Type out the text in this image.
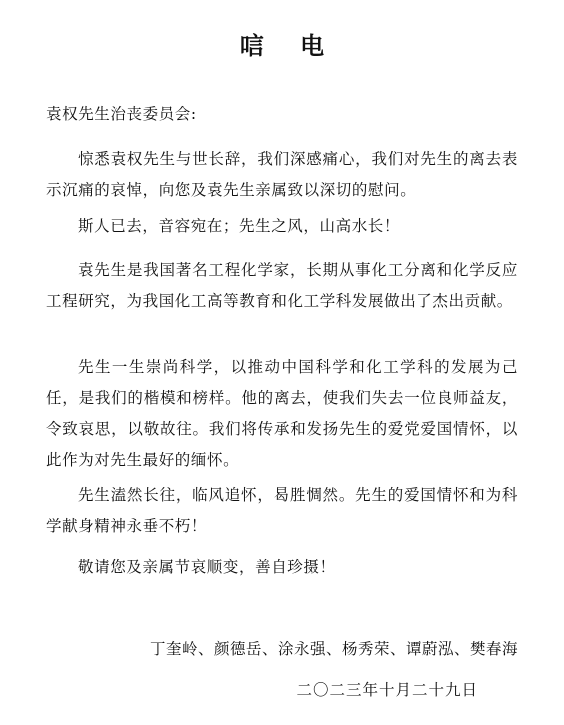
唁 电
袁权先生治丧委员会:

惊悉袁权先生与世长辞，我们深感痛心，我们对先生的离去表示沉痛的哀悼，向您及袁先生亲属致以深切的慰问。

斯人已去，音容宛在；先生之风，山高水长！

袁先生是我国著名工程化学家，长期从事化工分离和化学反应工程研究，为我国化工高等教育和化工学科发展做出了杰出贡献。

先生一生崇尚科学，以推动中国科学和化工学科的发展为己任，是我们的楷模和榜样。他的离去，使我们失去一位良师益友，令致哀思，以敬故往。我们将传承和发扬先生的爱党爱国情怀，以此作为对先生最好的缅怀。

先生溘然长往，临风追怀，曷胜惆然。先生的爱国情怀和为科学献身精神永垂不朽！

敬请您及亲属节哀顺变，善自珍摄！

丁奎岭、颜德岳、涂永强、杨秀荣、谭蔚泓、樊春海
二〇二三年十月二十九日
